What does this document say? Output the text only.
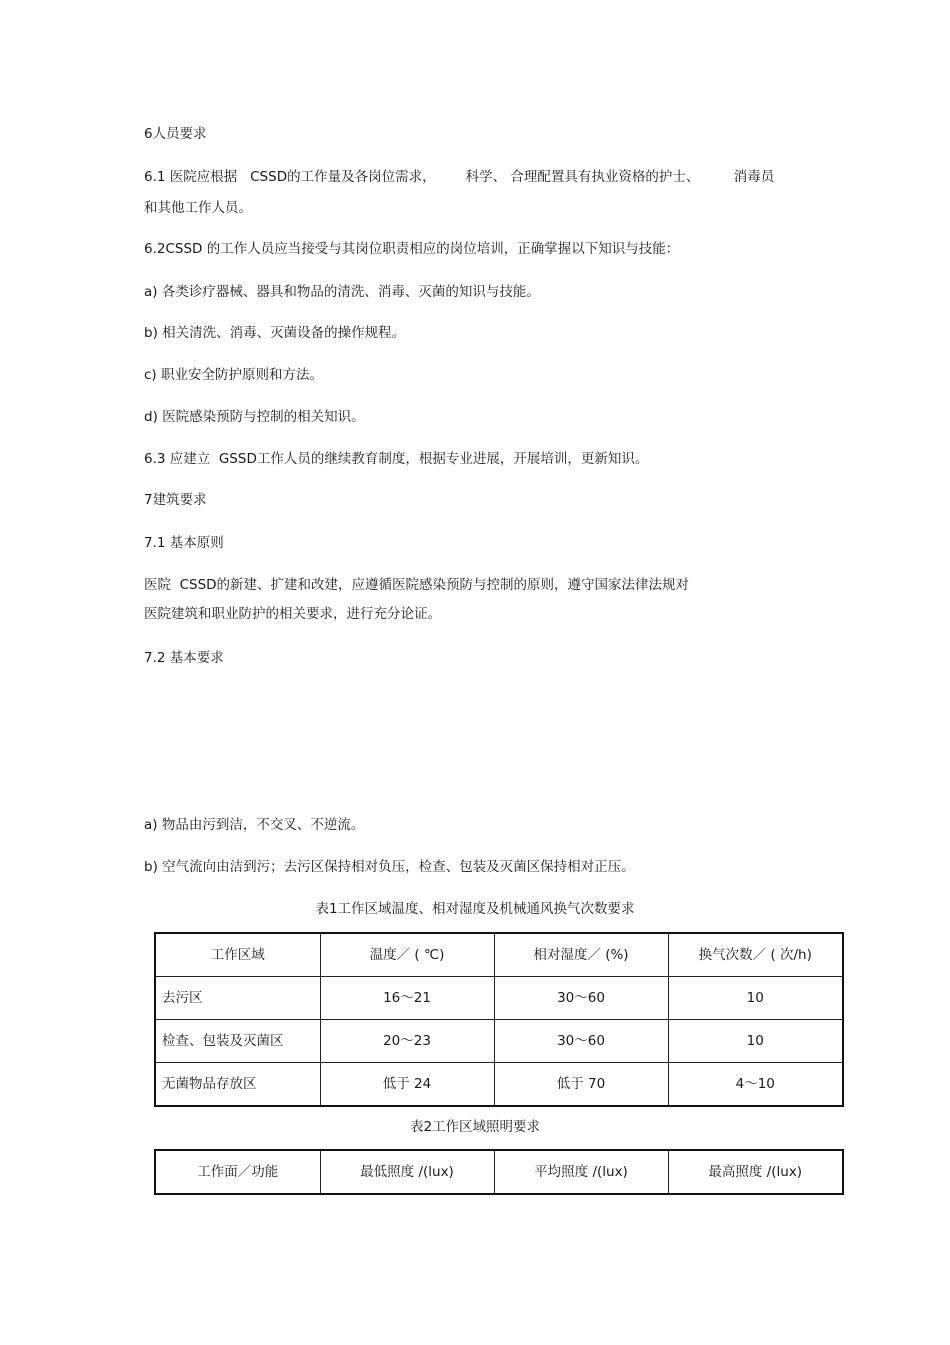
6人员要求
6.1 医院应根据   CSSD的工作量及各岗位需求，       科学、 合理配置具有执业资格的护士、        消毒员
和其他工作人员。
6.2CSSD 的工作人员应当接受与其岗位职责相应的岗位培训，正确掌握以下知识与技能：
a) 各类诊疗器械、器具和物品的清洗、消毒、灭菌的知识与技能。
b) 相关清洗、消毒、灭菌设备的操作规程。
c) 职业安全防护原则和方法。
d) 医院感染预防与控制的相关知识。
6.3 应建立  GSSD工作人员的继续教育制度，根据专业进展，开展培训，更新知识。
7建筑要求
7.1 基本原则
医院  CSSD的新建、扩建和改建，应遵循医院感染预防与控制的原则，遵守国家法律法规对
医院建筑和职业防护的相关要求，进行充分论证。
7.2 基本要求
a) 物品由污到洁，不交叉、不逆流。
b) 空气流向由洁到污；去污区保持相对负压，检查、包装及灭菌区保持相对正压。
表1工作区域温度、相对湿度及机械通风换气次数要求
工作区域	温度／ ( ℃)	相对湿度／ (%)	换气次数／ ( 次/h)
去污区	16～21	30～60	10
检查、包装及灭菌区	20～23	30～60	10
无菌物品存放区	低于 24	低于 70	4～10
表2工作区域照明要求
工作面／功能	最低照度 /(lux)	平均照度 /(lux)	最高照度 /(lux)
